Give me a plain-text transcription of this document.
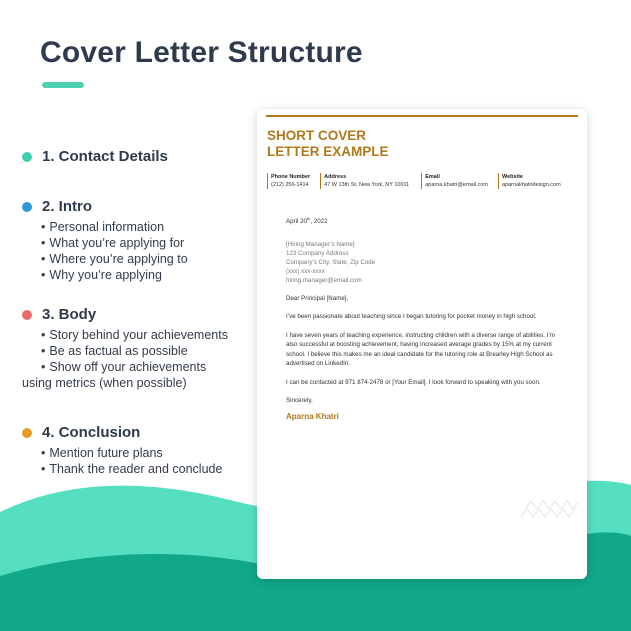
Cover Letter Structure
1. Contact Details
2. Intro
• Personal information
• What you’re applying for
• Where you’re applying to
• Why you’re applying
3. Body
• Story behind your achievements
• Be as factual as possible
• Show off your achievements
using metrics (when possible)
4. Conclusion
• Mention future plans
• Thank the reader and conclude
SHORT COVER
LETTER EXAMPLE
Phone Number
(212) 256-1414
Address
47 W 13th St, New York, NY 10011
Email
aparna.khatri@email.com
Website
aparnakhatridesign.com

April 20th, 2022

[Hiring Manager’s Name]
123 Company Address
Company’s City, State, Zip Code
(xxx) xxx-xxxx
hiring.manager@email.com

Dear Principal [Name],

I’ve been passionate about teaching since I began tutoring for pocket money in high school.

I have seven years of teaching experience, instructing children with a diverse range of abilities. I’m also successful at boosting achievement, having increased average grades by 15% at my current school. I believe this makes me an ideal candidate for the tutoring role at Brearley High School as advertised on LinkedIn.

I can be contacted at 971 874-2478 or [Your Email]. I look forward to speaking with you soon.

Sincerely,

Aparna Khatri
